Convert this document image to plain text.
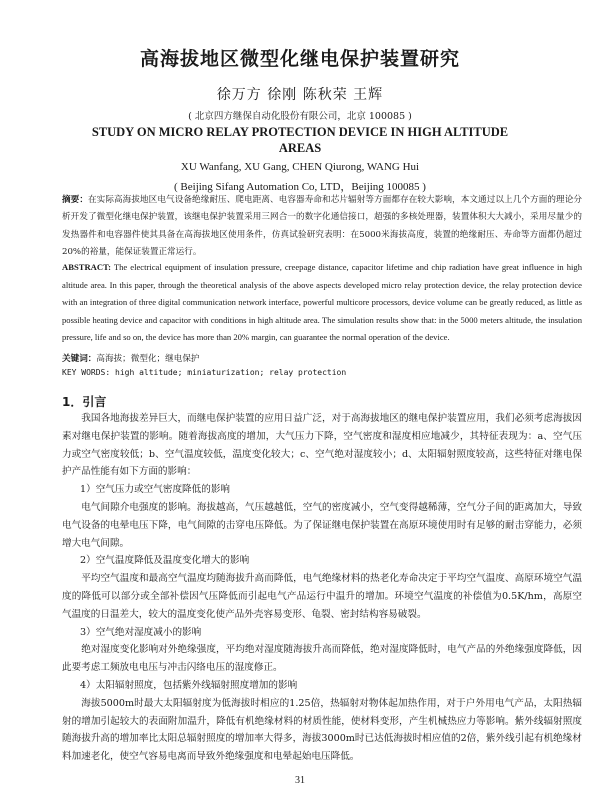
高海拔地区微型化继电保护装置研究
徐万方 徐刚 陈秋荣 王辉
( 北京四方继保自动化股份有限公司，北京 100085 )
STUDY ON MICRO RELAY PROTECTION DEVICE IN HIGH ALTITUDE AREAS
XU Wanfang, XU Gang, CHEN Qiurong, WANG Hui
( Beijing Sifang Automation Co, LTD，Beijing 100085 )
摘要：在实际高海拔地区电气设备绝缘耐压、爬电距离、电容器寿命和芯片辐射等方面都存在较大影响，本文通过以上几个方面的理论分析开发了微型化继电保护装置，该继电保护装置采用三网合一的数字化通信接口，超强的多核处理器，装置体积大大减小，采用尽量少的发热器件和电容器件使其具备在高海拔地区使用条件，仿真试验研究表明：在5000米海拔高度，装置的绝缘耐压、寿命等方面都仍超过20%的裕量，能保证装置正常运行。
ABSTRACT: The electrical equipment of insulation pressure, creepage distance, capacitor lifetime and chip radiation have great influence in high altitude area. In this paper, through the theoretical analysis of the above aspects developed micro relay protection device, the relay protection device with an integration of three digital communication network interface, powerful multicore processors, device volume can be greatly reduced, as little as possible heating device and capacitor with conditions in high altitude area. The simulation results show that: in the 5000 meters altitude, the insulation pressure, life and so on, the device has more than 20% margin, can guarantee the normal operation of the device.
关键词：高海拔；微型化；继电保护
KEY WORDS: high altitude; miniaturization; relay protection
1．引言

我国各地海拔差异巨大，而继电保护装置的应用日益广泛，对于高海拔地区的继电保护装置应用，我们必须考虑海拔因素对继电保护装置的影响。随着海拔高度的增加，大气压力下降，空气密度和湿度相应地减少，其特征表现为：a、空气压力或空气密度较低；b、空气温度较低，温度变化较大；c、空气绝对湿度较小；d、太阳辐射照度较高，这些特征对继电保护产品性能有如下方面的影响：

1）空气压力或空气密度降低的影响

电气间隙介电强度的影响。海拔越高，气压越越低，空气的密度减小，空气变得越稀薄，空气分子间的距离加大，导致电气设备的电晕电压下降，电气间隙的击穿电压降低。为了保证继电保护装置在高原环境使用时有足够的耐击穿能力，必须增大电气间隙。

2）空气温度降低及温度变化增大的影响

平均空气温度和最高空气温度均随海拔升高而降低，电气绝缘材料的热老化寿命决定于平均空气温度、高原环境空气温度的降低可以部分或全部补偿因气压降低而引起电气产品运行中温升的增加。环境空气温度的补偿值为0.5K/hm，高原空气温度的日温差大，较大的温度变化使产品外壳容易变形、龟裂、密封结构容易破裂。

3）空气绝对湿度减小的影响

绝对湿度变化影响对外绝缘强度，平均绝对湿度随海拔升高而降低，绝对湿度降低时，电气产品的外绝缘强度降低，因此要考虑工频放电电压与冲击闪络电压的湿度修正。

4）太阳辐射照度，包括紫外线辐射照度增加的影响

海拔5000m时最大太阳辐射度为低海拔时相应的1.25倍，热辐射对物体起加热作用，对于户外用电气产品，太阳热辐射的增加引起较大的表面附加温升，降低有机绝缘材料的材质性能，使材料变形，产生机械热应力等影响。紫外线辐射照度随海拔升高的增加率比太阳总辐射照度的增加率大得多，海拔3000m时已达低海拔时相应值的2倍，紫外线引起有机绝缘材料加速老化，使空气容易电离而导致外绝缘强度和电晕起始电压降低。

31
